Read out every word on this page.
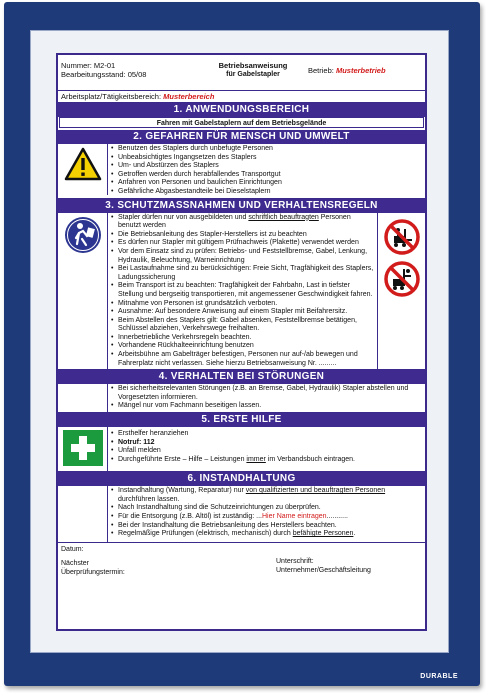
DURABLE
Nummer: M2-01
Bearbeitungsstand: 05/08
Betriebsanweisung
für Gabelstapler	Betrieb: Musterbetrieb
Arbeitsplatz/Tätigkeitsbereich: Musterbereich
1. ANWENDUNGSBEREICH
Fahren mit Gabelstaplern auf dem Betriebsgelände
2. GEFAHREN FÜR MENSCH UND UMWELT
• Benutzen des Staplers durch unbefugte Personen
• Unbeabsichtigtes Ingangsetzen des Staplers
• Um- und Abstürzen des Staplers
• Getroffen werden durch herabfallendes Transportgut
• Anfahren von Personen und baulichen Einrichtungen
• Gefährliche Abgasbestandteile bei Dieselstaplern
3. SCHUTZMASSNAHMEN UND VERHALTENSREGELN
• Stapler dürfen nur von ausgebildeten und schriftlich beauftragten Personen benutzt werden
• Die Betriebsanleitung des Stapler-Herstellers ist zu beachten
• Es dürfen nur Stapler mit gültigem Prüfnachweis (Plakette) verwendet werden
• Vor dem Einsatz sind zu prüfen: Betriebs- und Feststellbremse, Gabel, Lenkung, Hydraulik, Beleuchtung, Warneinrichtung
• Bei Lastaufnahme sind zu berücksichtigen: Freie Sicht, Tragfähigkeit des Staplers, Ladungssicherung
• Beim Transport ist zu beachten: Tragfähigkeit der Fahrbahn, Last in tiefster Stellung und bergseitig transportieren, mit angemessener Geschwindigkeit fahren.
• Mitnahme von Personen ist grundsätzlich verboten.
• Ausnahme: Auf besondere Anweisung auf einem Stapler mit Beifahrersitz.
• Beim Abstellen des Staplers gilt: Gabel absenken, Feststellbremse betätigen, Schlüssel abziehen, Verkehrswege freihalten.
• Innerbetriebliche Verkehrsregeln beachten.
• Vorhandene Rückhalteeinrichtung benutzen
• Arbeitsbühne am Gabelträger befestigen, Personen nur auf-/ab bewegen und Fahrerplatz nicht verlassen. Siehe hierzu Betriebsanweisung Nr. .........
4. VERHALTEN BEI STÖRUNGEN
• Bei sicherheitsrelevanten Störungen (z.B. an Bremse, Gabel, Hydraulik) Stapler abstellen und Vorgesetzten informieren.
• Mängel nur vom Fachmann beseitigen lassen.
5. ERSTE HILFE
• Ersthelfer heranziehen
• Notruf: 112
• Unfall melden
• Durchgeführte Erste – Hilfe – Leistungen immer im Verbandsbuch eintragen.
6. INSTANDHALTUNG
• Instandhaltung (Wartung, Reparatur) nur von qualifizierten und beauftragten Personen durchführen lassen.
• Nach Instandhaltung sind die Schutzeinrichtungen zu überprüfen.
• Für die Entsorgung (z.B. Altöl) ist zuständig: ...Hier Name eintragen...........
• Bei der Instandhaltung die Betriebsanleitung des Herstellers beachten.
• Regelmäßige Prüfungen (elektrisch, mechanisch) durch befähigte Personen.
Datum:
Nächster
Überprüfungstermin:
Unterschrift:
Unternehmer/Geschäftsleitung
